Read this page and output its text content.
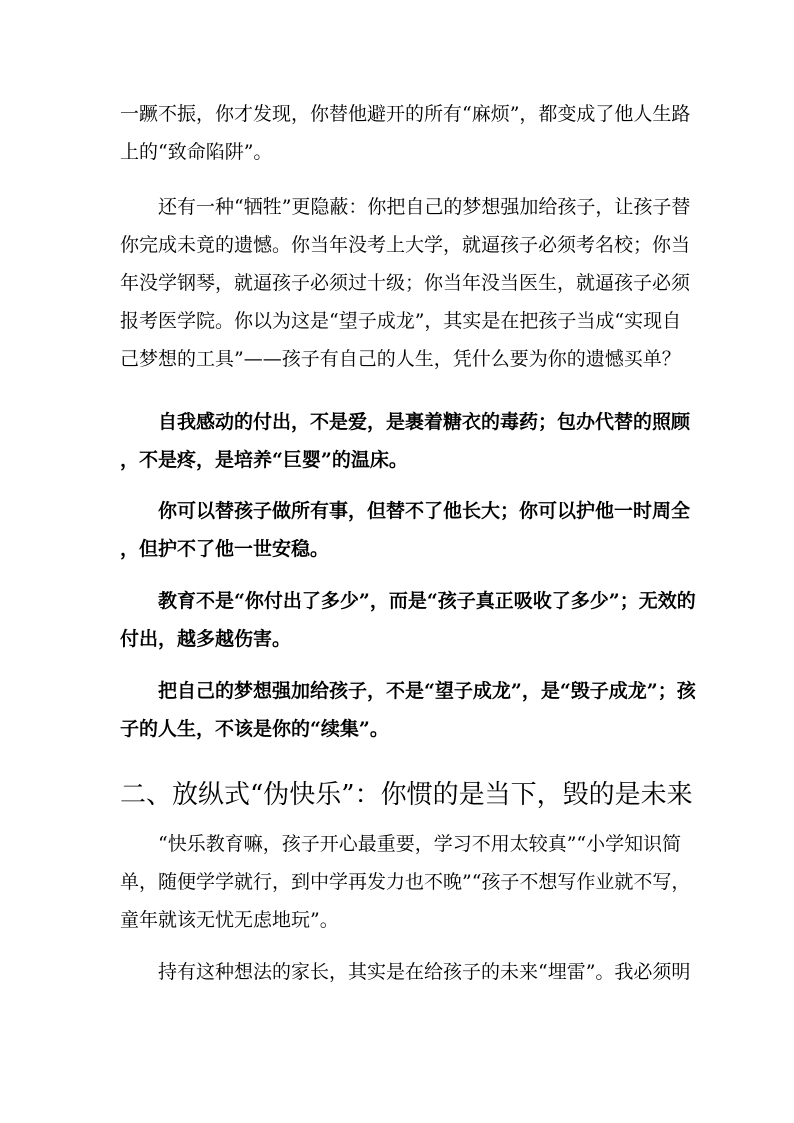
一蹶不振，你才发现，你替他避开的所有“麻烦”，都变成了他人生路
上的“致命陷阱”。
还有一种“牺牲”更隐蔽：你把自己的梦想强加给孩子，让孩子替
你完成未竟的遗憾。你当年没考上大学，就逼孩子必须考名校；你当
年没学钢琴，就逼孩子必须过十级；你当年没当医生，就逼孩子必须
报考医学院。你以为这是“望子成龙”，其实是在把孩子当成“实现自
己梦想的工具”——孩子有自己的人生，凭什么要为你的遗憾买单？
自我感动的付出，不是爱，是裹着糖衣的毒药；包办代替的照顾
，不是疼，是培养“巨婴”的温床。
你可以替孩子做所有事，但替不了他长大；你可以护他一时周全
，但护不了他一世安稳。
教育不是“你付出了多少”，而是“孩子真正吸收了多少”；无效的
付出，越多越伤害。
把自己的梦想强加给孩子，不是“望子成龙”，是“毁子成龙”；孩
子的人生，不该是你的“续集”。
二、放纵式“伪快乐”：你惯的是当下，毁的是未来
“快乐教育嘛，孩子开心最重要，学习不用太较真”“小学知识简
单，随便学学就行，到中学再发力也不晚”“孩子不想写作业就不写，
童年就该无忧无虑地玩”。
持有这种想法的家长，其实是在给孩子的未来“埋雷”。我必须明
